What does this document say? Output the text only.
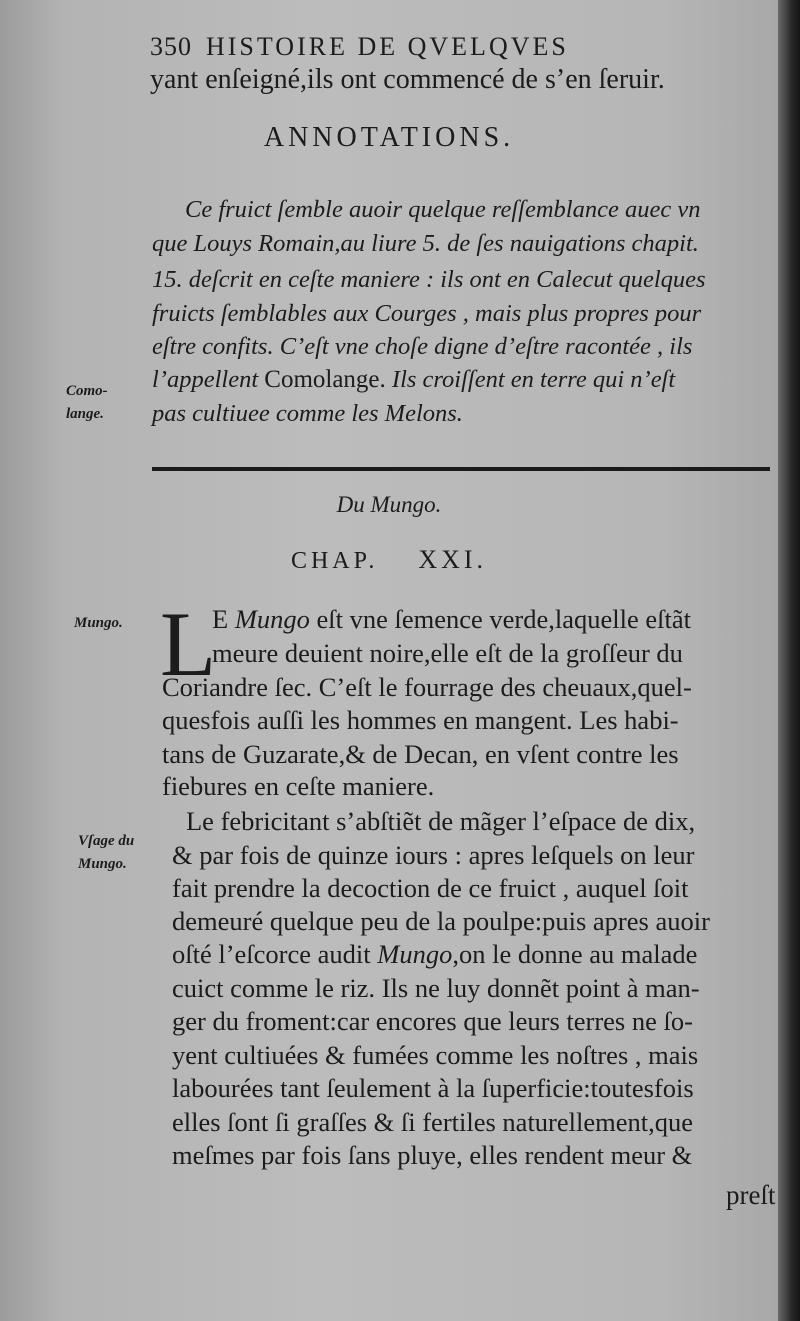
350 HISTOIRE DE QVELQVES
yant enſeigné,ils ont commencé de s’en ſeruir.
ANNOTATIONS.
Ce fruict ſemble auoir quelque reſſemblance auec vn
que Louys Romain,au liure 5. de ſes nauigations chapit.
15. deſcrit en ceſte maniere : ils ont en Calecut quelques
fruicts ſemblables aux Courges , mais plus propres pour
eſtre confits. C’eſt vne choſe digne d’eſtre racontée , ils
l’appellent Comolange. Ils croiſſent en terre qui n’eſt
pas cultiuee comme les Melons.
Como-
lange.
Du Mungo.
CHAP. XXI.
Mungo.
Vſage du
Mungo.
L
E Mungo eſt vne ſemence verde,laquelle eſtãt
meure deuient noire,elle eſt de la groſſeur du
Coriandre ſec. C’eſt le fourrage des cheuaux,quel-
quesfois auſſi les hommes en mangent. Les habi-
tans de Guzarate,& de Decan, en vſent contre les
fiebures en ceſte maniere.
Le febricitant s’abſtiẽt de mãger l’eſpace de dix,
& par fois de quinze iours : apres leſquels on leur
fait prendre la decoction de ce fruict , auquel ſoit
demeuré quelque peu de la poulpe:puis apres auoir
oſté l’eſcorce audit Mungo,on le donne au malade
cuict comme le riz. Ils ne luy donnẽt point à man-
ger du froment:car encores que leurs terres ne ſo-
yent cultiuées & fumées comme les noſtres , mais
labourées tant ſeulement à la ſuperficie:toutesfois
elles ſont ſi graſſes & ſi fertiles naturellement,que
meſmes par fois ſans pluye, elles rendent meur &
preſt
